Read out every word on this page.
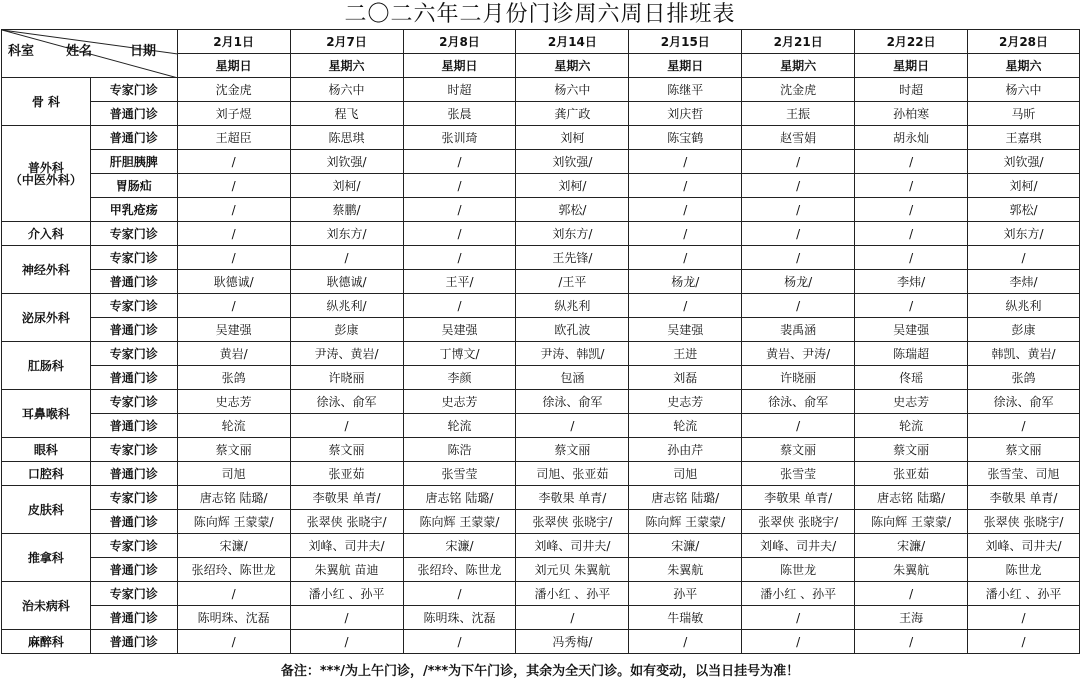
二〇二六年二月份门诊周六周日排班表
科室 姓名 日期		2月1日	2月7日	2月8日	2月14日	2月15日	2月21日	2月22日	2月28日
		星期日	星期六	星期日	星期六	星期日	星期六	星期日	星期六
骨 科	专家门诊	沈金虎	杨六中	时超	杨六中	陈继平	沈金虎	时超	杨六中
	普通门诊	刘子煜	程飞	张晨	龚广政	刘庆哲	王振	孙柏寒	马昕
普外科
（中医外科）	普通门诊	王超臣	陈思琪	张训琦	刘柯	陈宝鹤	赵雪娟	胡永灿	王嘉琪
	肝胆胰脾	/	刘钦强/	/	刘钦强/	/	/	/	刘钦强/
	胃肠疝	/	刘柯/	/	刘柯/	/	/	/	刘柯/
	甲乳疮疡	/	蔡鹏/	/	郭松/	/	/	/	郭松/
介入科	专家门诊	/	刘东方/	/	刘东方/	/	/	/	刘东方/
神经外科	专家门诊	/	/	/	王先锋/	/	/	/	/
	普通门诊	耿德诚/	耿德诚/	王平/	/王平	杨龙/	杨龙/	李炜/	李炜/
泌尿外科	专家门诊	/	纵兆利/	/	纵兆利	/	/	/	纵兆利
	普通门诊	吴建强	彭康	吴建强	欧孔波	吴建强	裴禹涵	吴建强	彭康
肛肠科	专家门诊	黄岩/	尹涛、黄岩/	丁博文/	尹涛、韩凯/	王进	黄岩、尹涛/	陈瑞超	韩凯、黄岩/
	普通门诊	张鸽	许晓丽	李颜	包涵	刘磊	许晓丽	佟瑶	张鸽
耳鼻喉科	专家门诊	史志芳	徐泳、俞军	史志芳	徐泳、俞军	史志芳	徐泳、俞军	史志芳	徐泳、俞军
	普通门诊	轮流	/	轮流	/	轮流	/	轮流	/
眼科	专家门诊	蔡文丽	蔡文丽	陈浩	蔡文丽	孙由芹	蔡文丽	蔡文丽	蔡文丽
口腔科	普通门诊	司旭	张亚茹	张雪莹	司旭、张亚茹	司旭	张雪莹	张亚茹	张雪莹、司旭
皮肤科	专家门诊	唐志铭 陆璐/	李敬果 单青/	唐志铭 陆璐/	李敬果 单青/	唐志铭 陆璐/	李敬果 单青/	唐志铭 陆璐/	李敬果 单青/
	普通门诊	陈向辉 王蒙蒙/	张翠侠 张晓宇/	陈向辉 王蒙蒙/	张翠侠 张晓宇/	陈向辉 王蒙蒙/	张翠侠 张晓宇/	陈向辉 王蒙蒙/	张翠侠 张晓宇/
推拿科	专家门诊	宋濂/	刘峰、司井夫/	宋濂/	刘峰、司井夫/	宋濂/	刘峰、司井夫/	宋濂/	刘峰、司井夫/
	普通门诊	张绍玲、陈世龙	朱翼航 苗迪	张绍玲、陈世龙	刘元贝 朱翼航	朱翼航	陈世龙	朱翼航	陈世龙
治未病科	专家门诊	/	潘小红 、孙平	/	潘小红 、孙平	孙平	潘小红 、孙平	/	潘小红 、孙平
	普通门诊	陈明珠、沈磊	/	陈明珠、沈磊	/	牛瑞敏	/	王海	/
麻醉科	普通门诊	/	/	/	冯秀梅/	/	/	/	/
备注：***/为上午门诊，/***为下午门诊，其余为全天门诊。如有变动，以当日挂号为准！
